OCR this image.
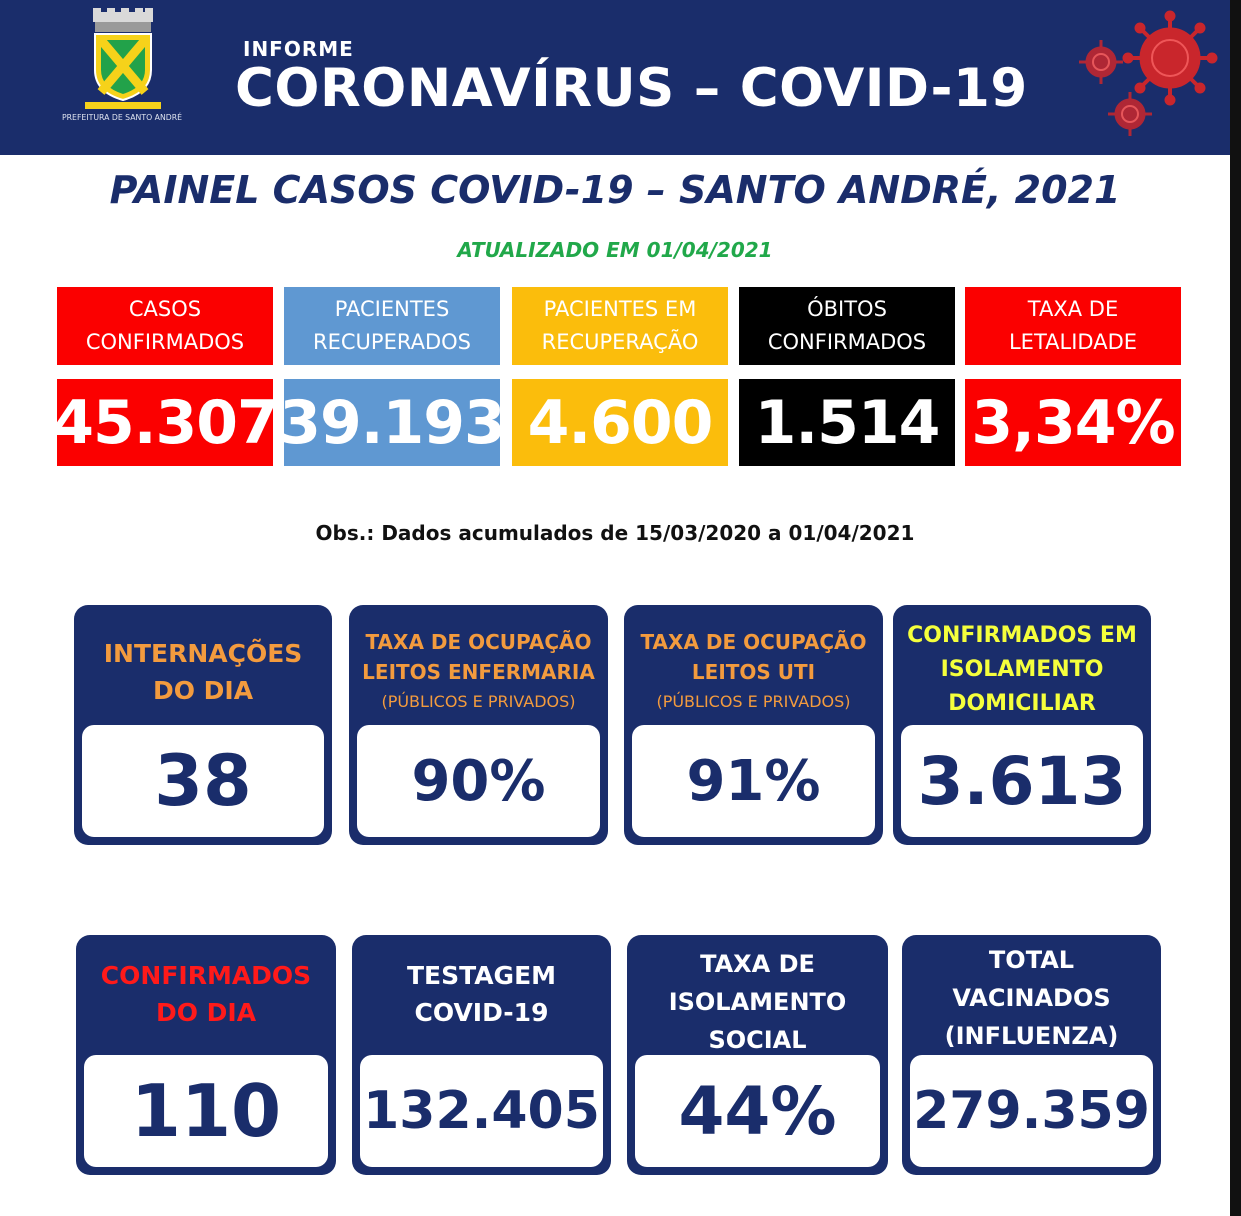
PREFEITURA DE SANTO ANDRÉ
INFORME
CORONAVÍRUS – COVID-19
PAINEL CASOS COVID-19 – SANTO ANDRÉ, 2021
ATUALIZADO EM 01/04/2021
CASOS
CONFIRMADOS
45.307
PACIENTES
RECUPERADOS
39.193
PACIENTES EM
RECUPERAÇÃO
4.600
ÓBITOS
CONFIRMADOS
1.514
TAXA DE
LETALIDADE
3,34%
Obs.: Dados acumulados de 15/03/2020 a 01/04/2021
INTERNAÇÕES
DO DIA
38
TAXA DE OCUPAÇÃO
LEITOS ENFERMARIA

(PÚBLICOS E PRIVADOS)
90%
TAXA DE OCUPAÇÃO
LEITOS UTI

(PÚBLICOS E PRIVADOS)
91%
CONFIRMADOS EM
ISOLAMENTO
DOMICILIAR
3.613
CONFIRMADOS
DO DIA
110
TESTAGEM
COVID-19
132.405
TAXA DE
ISOLAMENTO
SOCIAL
44%
TOTAL
VACINADOS
(INFLUENZA)
279.359
